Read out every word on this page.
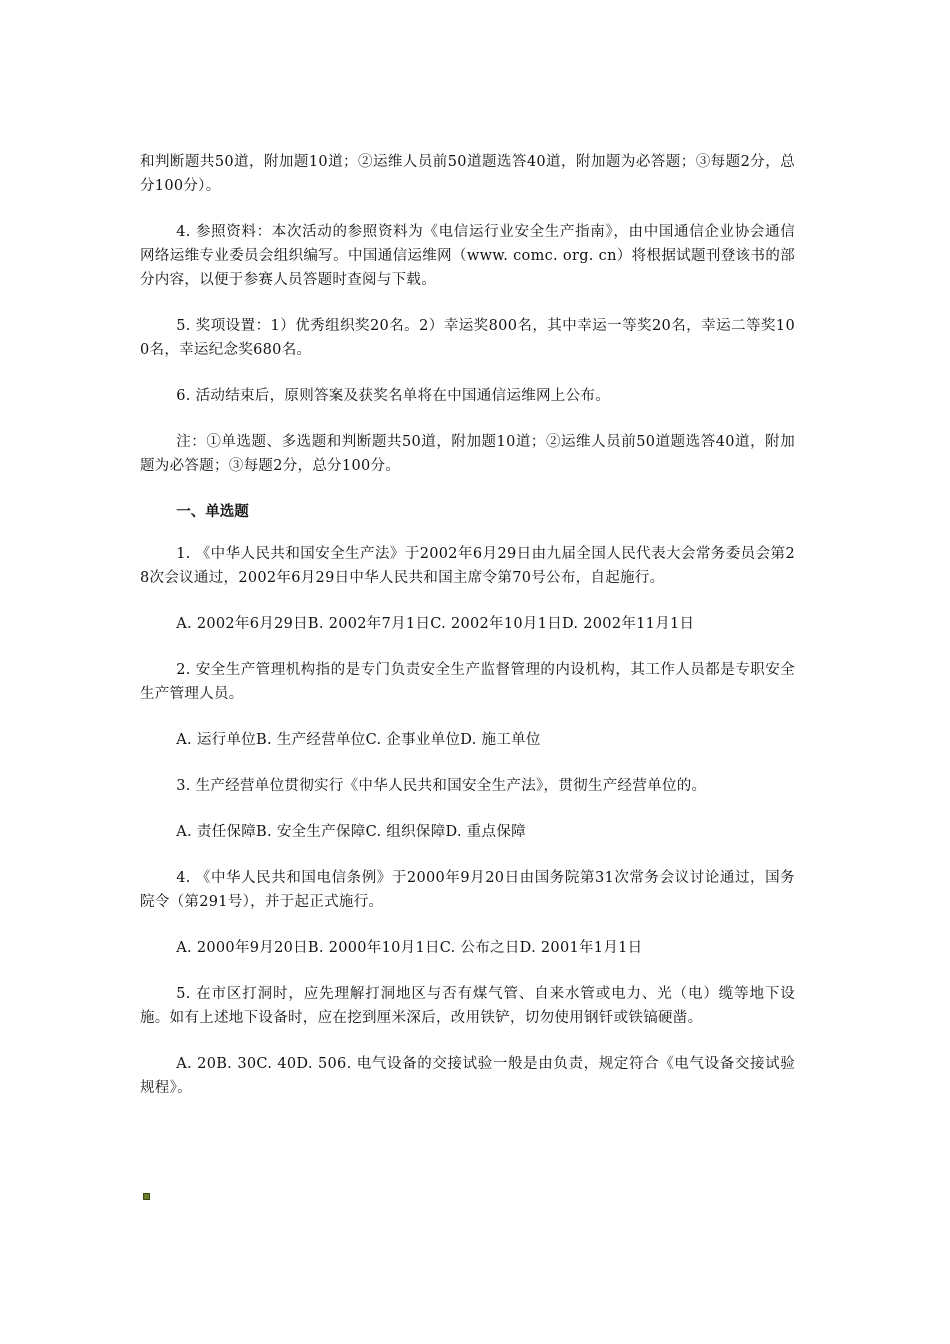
和判断题共50道，附加题10道；②运维人员前50道题选答40道，附加题为必答题；③每题2分，总分100分）。

4. 参照资料：本次活动的参照资料为《电信运行业安全生产指南》，由中国通信企业协会通信网络运维专业委员会组织编写。中国通信运维网（www. comc. org. cn）将根据试题刊登该书的部分内容，以便于参赛人员答题时查阅与下载。

5. 奖项设置：1）优秀组织奖20名。2）幸运奖800名，其中幸运一等奖20名，幸运二等奖100名，幸运纪念奖680名。

6. 活动结束后，原则答案及获奖名单将在中国通信运维网上公布。

注：①单选题、多选题和判断题共50道，附加题10道；②运维人员前50道题选答40道，附加题为必答题；③每题2分，总分100分。

一、单选题

1. 《中华人民共和国安全生产法》于2002年6月29日由九届全国人民代表大会常务委员会第28次会议通过，2002年6月29日中华人民共和国主席令第70号公布，自起施行。

A. 2002年6月29日B. 2002年7月1日C. 2002年10月1日D. 2002年11月1日

2. 安全生产管理机构指的是专门负责安全生产监督管理的内设机构，其工作人员都是专职安全生产管理人员。

A. 运行单位B. 生产经营单位C. 企事业单位D. 施工单位

3. 生产经营单位贯彻实行《中华人民共和国安全生产法》，贯彻生产经营单位的。

A. 责任保障B. 安全生产保障C. 组织保障D. 重点保障

4. 《中华人民共和国电信条例》于2000年9月20日由国务院第31次常务会议讨论通过，国务院令（第291号），并于起正式施行。

A. 2000年9月20日B. 2000年10月1日C. 公布之日D. 2001年1月1日

5. 在市区打洞时，应先理解打洞地区与否有煤气管、自来水管或电力、光（电）缆等地下设施。如有上述地下设备时，应在挖到厘米深后，改用铁铲，切勿使用钢钎或铁镐硬凿。

A. 20B. 30C. 40D. 506. 电气设备的交接试验一般是由负责，规定符合《电气设备交接试验规程》。
